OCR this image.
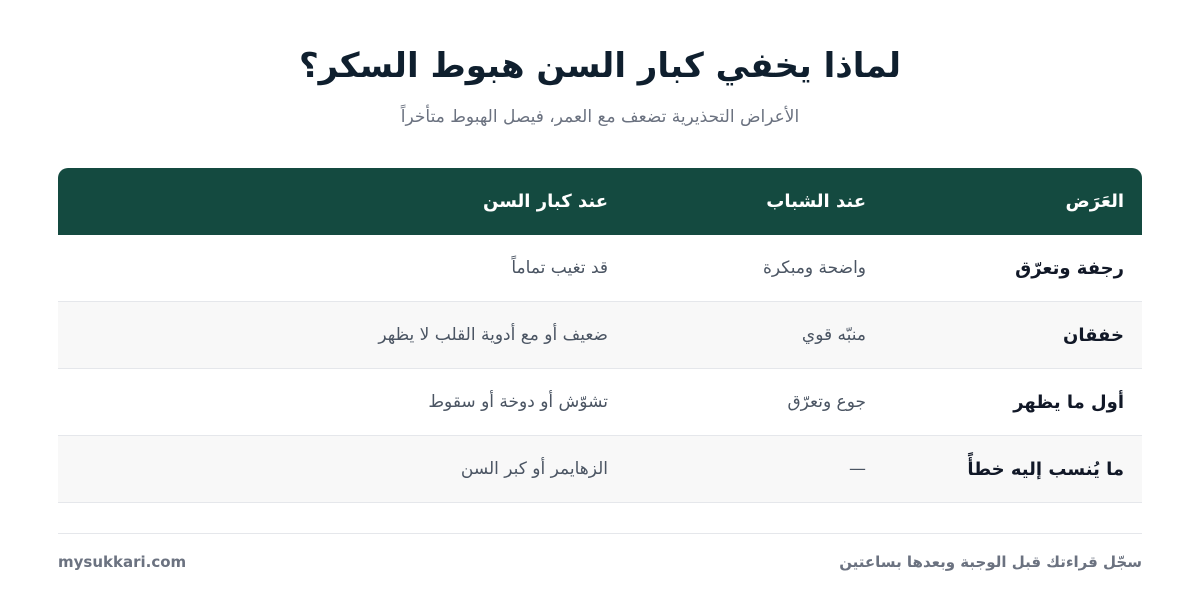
لماذا يخفي كبار السن هبوط السكر؟
الأعراض التحذيرية تضعف مع العمر، فيصل الهبوط متأخراً
العَرَض	عند الشباب	عند كبار السن
رجفة وتعرّق	واضحة ومبكرة	قد تغيب تماماً
خفقان	منبّه قوي	ضعيف أو مع أدوية القلب لا يظهر
أول ما يظهر	جوع وتعرّق	تشوّش أو دوخة أو سقوط
ما يُنسب إليه خطأً	—	الزهايمر أو كبر السن
سجّل قراءتك قبل الوجبة وبعدها بساعتين
mysukkari.com
